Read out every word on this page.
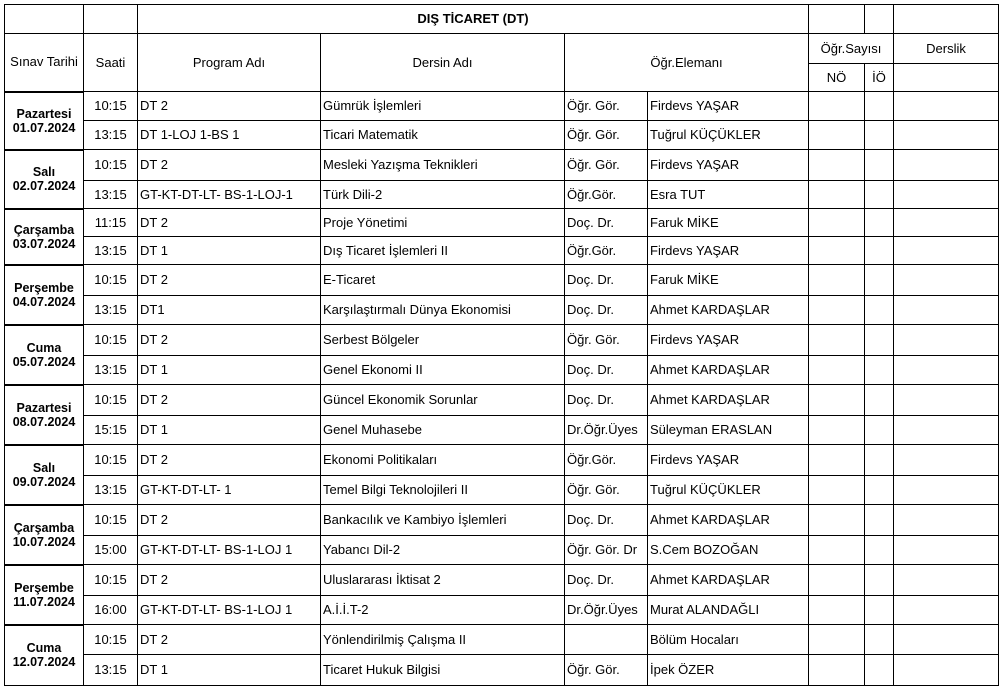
		DIŞ TİCARET (DT)						
Sınav Tarihi	Saati	Program Adı	Dersin Adı	Öğr.Elemanı		Öğr.Sayısı		Derslik
						NÖ	İÖ	

Pazartesi
01.07.2024	10:15	DT 2	Gümrük İşlemleri	Öğr. Gör.	Firdevs YAŞAR			
	13:15	DT 1-LOJ 1-BS 1	Ticari Matematik	Öğr. Gör.	Tuğrul KÜÇÜKLER			

Salı
02.07.2024	10:15	DT 2	Mesleki Yazışma Teknikleri	Öğr. Gör.	Firdevs YAŞAR			
	13:15	GT-KT-DT-LT- BS-1-LOJ-1	Türk Dili-2	Öğr.Gör.	Esra TUT			

Çarşamba
03.07.2024	11:15	DT 2	Proje Yönetimi	Doç. Dr.	Faruk MİKE			
	13:15	DT 1	Dış Ticaret İşlemleri II	Öğr.Gör.	Firdevs YAŞAR			

Perşembe
04.07.2024	10:15	DT 2	E-Ticaret	Doç. Dr.	Faruk MİKE			
	13:15	DT1	Karşılaştırmalı Dünya Ekonomisi	Doç. Dr.	Ahmet KARDAŞLAR			

Cuma
05.07.2024	10:15	DT 2	Serbest Bölgeler	Öğr. Gör.	Firdevs YAŞAR			
	13:15	DT 1	Genel Ekonomi II	Doç. Dr.	Ahmet KARDAŞLAR			

Pazartesi
08.07.2024	10:15	DT 2	Güncel Ekonomik Sorunlar	Doç. Dr.	Ahmet KARDAŞLAR			
	15:15	DT 1	Genel Muhasebe	Dr.Öğr.Üyes	Süleyman ERASLAN			

Salı
09.07.2024	10:15	DT 2	Ekonomi Politikaları	Öğr.Gör.	Firdevs YAŞAR			
	13:15	GT-KT-DT-LT- 1	Temel Bilgi Teknolojileri II	Öğr. Gör.	Tuğrul KÜÇÜKLER			

Çarşamba
10.07.2024	10:15	DT 2	Bankacılık ve Kambiyo İşlemleri	Doç. Dr.	Ahmet KARDAŞLAR			
	15:00	GT-KT-DT-LT- BS-1-LOJ 1	Yabancı Dil-2	Öğr. Gör. Dr	S.Cem BOZOĞAN			

Perşembe
11.07.2024	10:15	DT 2	Uluslararası İktisat 2	Doç. Dr.	Ahmet KARDAŞLAR			
	16:00	GT-KT-DT-LT- BS-1-LOJ 1	A.İ.İ.T-2	Dr.Öğr.Üyes	Murat ALANDAĞLI			

Cuma
12.07.2024	10:15	DT 2	Yönlendirilmiş Çalışma II		Bölüm Hocaları			
	13:15	DT 1	Ticaret Hukuk Bilgisi	Öğr. Gör.	İpek ÖZER			
